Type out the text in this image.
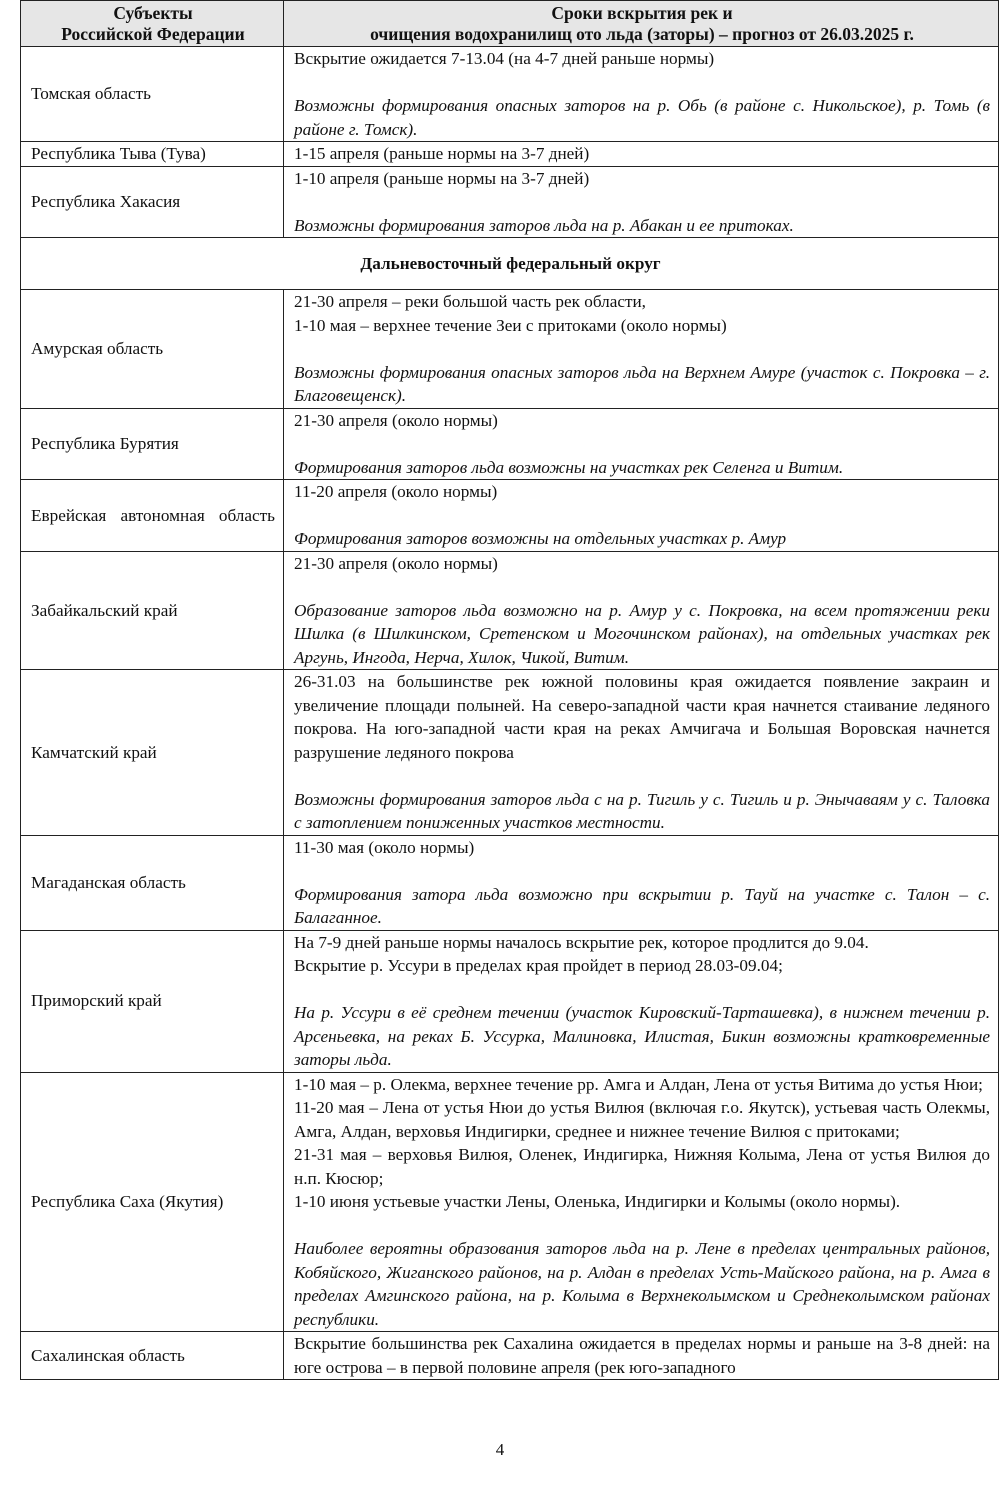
Субъекты
Российской Федерации	Сроки вскрытия рек и
очищения водохранилищ ото льда (заторы) – прогноз от 26.03.2025 г.
Томская область	Вскрытие ожидается 7-13.04 (на 4-7 дней раньше нормы)

Возможны формирования опасных заторов на р. Обь (в районе с. Никольское), р. Томь (в районе г. Томск).

Республика Тыва (Тува)	1-15 апреля (раньше нормы на 3-7 дней)

Республика Хакасия	1-10 апреля (раньше нормы на 3-7 дней)

Возможны формирования заторов льда на р. Абакан и ее притоках.

Дальневосточный федеральный округ	
Амурская область	21-30 апреля – реки большой часть рек области,

1-10 мая – верхнее течение Зеи с притоками (около нормы)

Возможны формирования опасных заторов льда на Верхнем Амуре (участок с. Покровка – г. Благовещенск).

Республика Бурятия	21-30 апреля (около нормы)

Формирования заторов льда возможны на участках рек Селенга и Витим.

Еврейская автономная область	11-20 апреля (около нормы)

Формирования заторов возможны на отдельных участках р. Амур

Забайкальский край	21-30 апреля (около нормы)

Образование заторов льда возможно на р. Амур у с. Покровка, на всем протяжении реки Шилка (в Шилкинском, Сретенском и Могочинском районах), на отдельных участках рек Аргунь, Ингода, Нерча, Хилок, Чикой, Витим.

Камчатский край	26-31.03 на большинстве рек южной половины края ожидается появление закраин и увеличение площади полыней. На северо-западной части края начнется стаивание ледяного покрова. На юго-западной части края на реках Амчигача и Большая Воровская начнется разрушение ледяного покрова

Возможны формирования заторов льда с на р. Тигиль у с. Тигиль и р. Энычаваям у с. Таловка с затоплением пониженных участков местности.

Магаданская область	11-30 мая (около нормы)

Формирования затора льда возможно при вскрытии р. Тауй на участке с. Талон – с. Балаганное.

Приморский край	На 7-9 дней раньше нормы началось вскрытие рек, которое продлится до 9.04.

Вскрытие р. Уссури в пределах края пройдет в период 28.03-09.04;

На р. Уссури в её среднем течении (участок Кировский-Тарташевка), в нижнем течении р. Арсеньевка, на реках Б. Уссурка, Малиновка, Илистая, Бикин возможны кратковременные заторы льда.

Республика Саха (Якутия)	1-10 мая – р. Олекма, верхнее течение рр. Амга и Алдан, Лена от устья Витима до устья Нюи;

11-20 мая – Лена от устья Нюи до устья Вилюя (включая г.о. Якутск), устьевая часть Олекмы, Амга, Алдан, верховья Индигирки, среднее и нижнее течение Вилюя с притоками;

21-31 мая – верховья Вилюя, Оленек, Индигирка, Нижняя Колыма, Лена от устья Вилюя до н.п. Кюсюр;

1-10 июня устьевые участки Лены, Оленька, Индигирки и Колымы (около нормы).

Наиболее вероятны образования заторов льда на р. Лене в пределах центральных районов, Кобяйского, Жиганского районов, на р. Алдан в пределах Усть-Майского района, на р. Амга в пределах Амгинского района, на р. Колыма в Верхнеколымском и Среднеколымском районах республики.

Сахалинская область	Вскрытие большинства рек Сахалина ожидается в пределах нормы и раньше на 3-8 дней: на юге острова – в первой половине апреля (рек юго-западного

4
